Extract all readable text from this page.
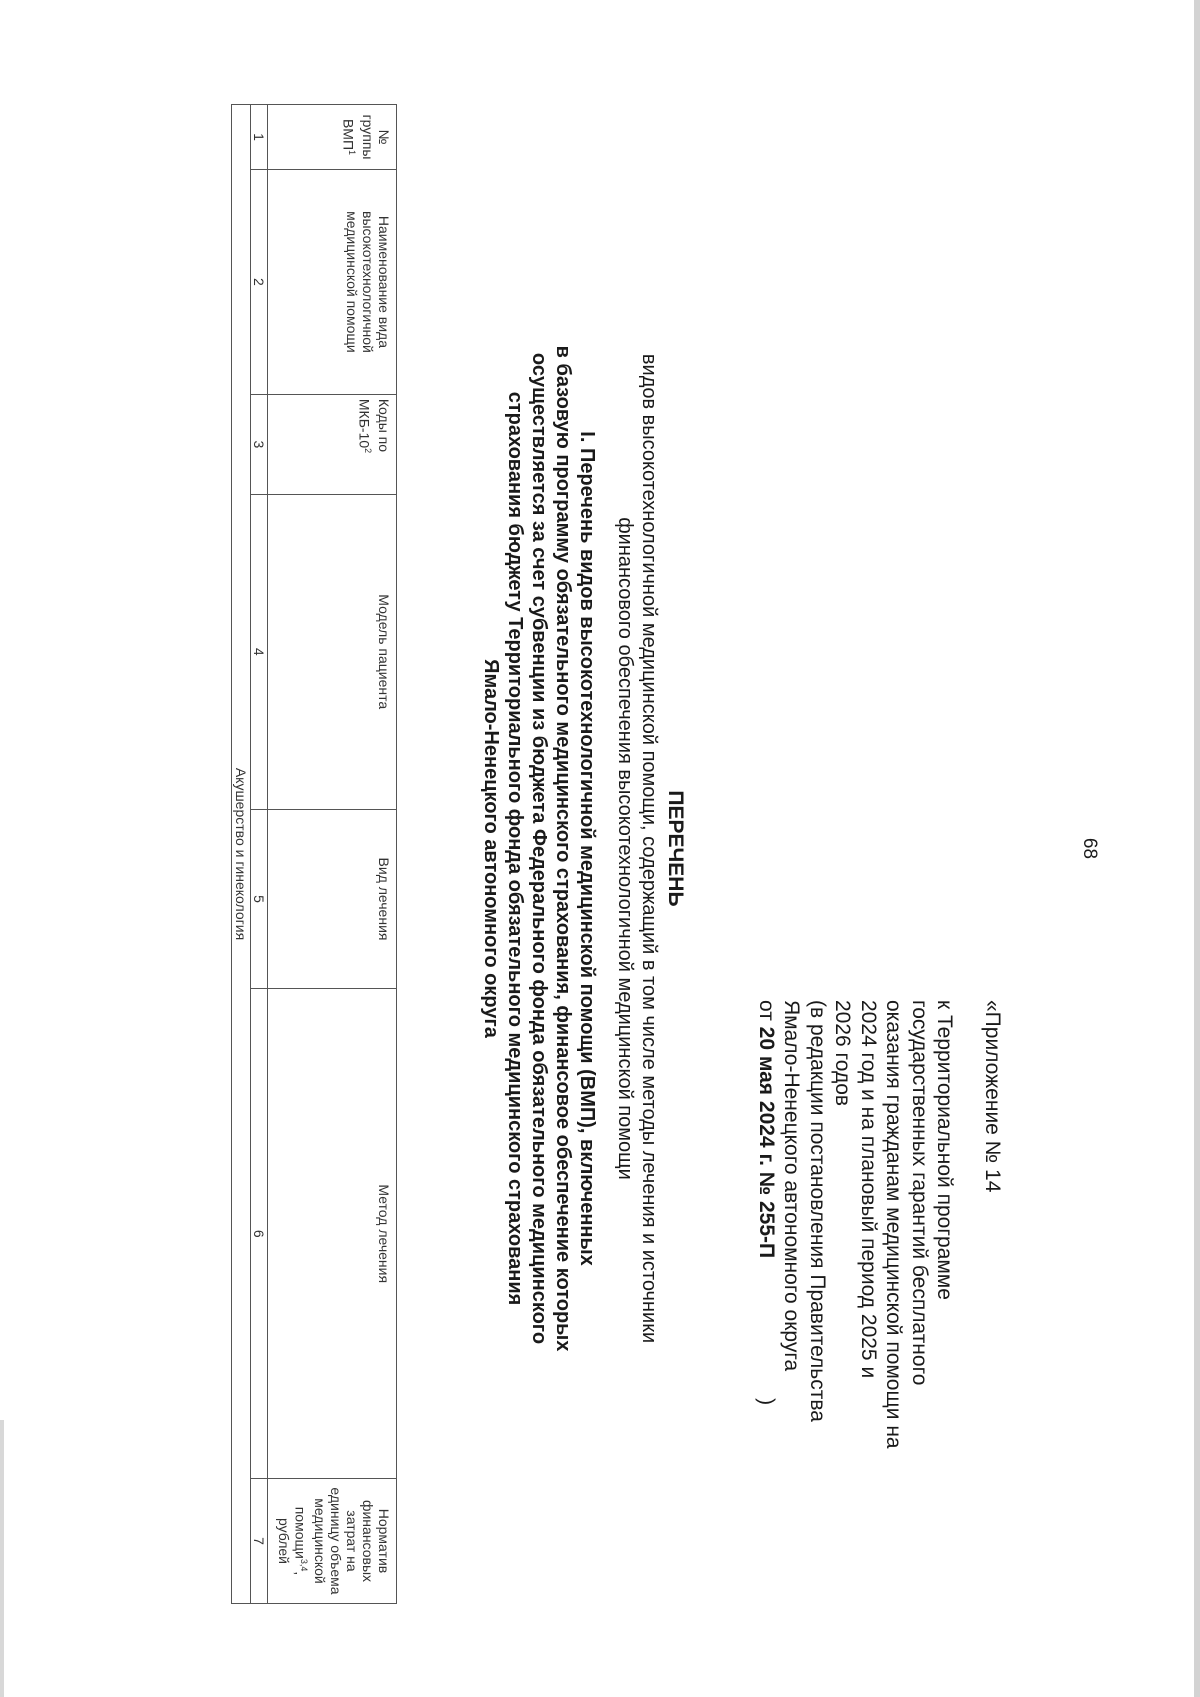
68
«Приложение № 14
к Территориальной программе
государственных гарантий бесплатного
оказания гражданам медицинской помощи на
2024 год и на плановый период 2025 и
2026 годов
(в редакции постановления Правительства
Ямало-Ненецкого автономного округа
от 20 мая 2024 г. № 255-П)
ПЕРЕЧЕНЬ
видов высокотехнологичной медицинской помощи, содержащий в том числе методы лечения и источники
финансового обеспечения высокотехнологичной медицинской помощи
I. Перечень видов высокотехнологичной медицинской помощи (ВМП), включенных
в базовую программу обязательного медицинского страхования, финансовое обеспечение которых
осуществляется за счет субвенции из бюджета Федерального фонда обязательного медицинского
страхования бюджету Территориального фонда обязательного медицинского страхования
Ямало-Ненецкого автономного округа
№ группы ВМП$^1$	Наименование вида высокотехнологичной медицинской помощи	Коды по МКБ-$10^2$	Модель пациента	Вид лечения	Метод лечения	Норматив финансовых затрат на единицу объема медицинской помощи$^{3,4}$, рублей
1	2	3	4	5	6	7
Акушерство и гинекология						
